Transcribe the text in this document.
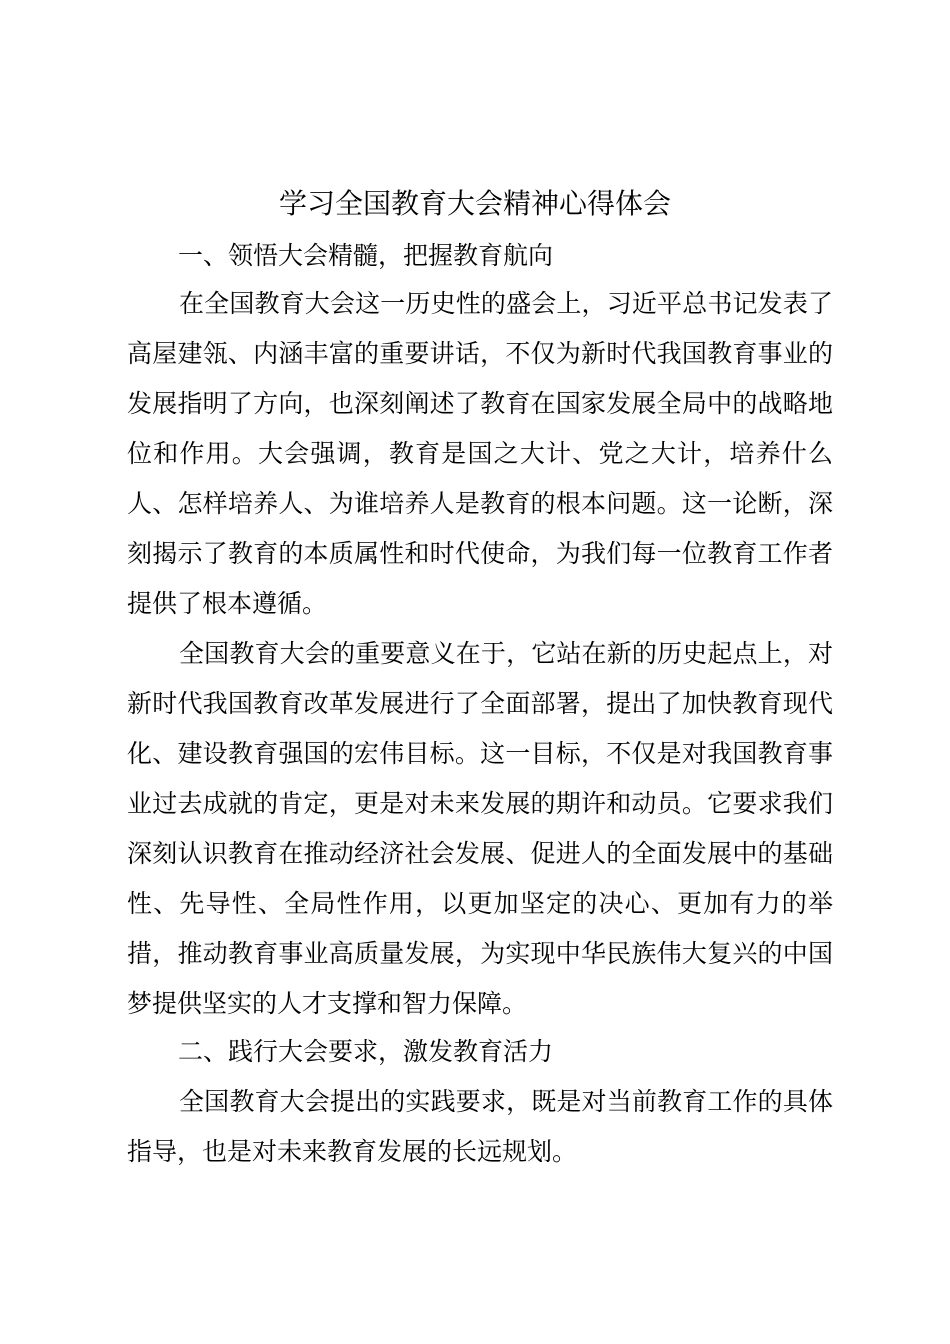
学习全国教育大会精神心得体会
一、领悟大会精髓，把握教育航向

在全国教育大会这一历史性的盛会上，习近平总书记发表了高屋建瓴、内涵丰富的重要讲话，不仅为新时代我国教育事业的发展指明了方向，也深刻阐述了教育在国家发展全局中的战略地位和作用。大会强调，教育是国之大计、党之大计，培养什么人、怎样培养人、为谁培养人是教育的根本问题。这一论断，深刻揭示了教育的本质属性和时代使命，为我们每一位教育工作者提供了根本遵循。

全国教育大会的重要意义在于，它站在新的历史起点上，对新时代我国教育改革发展进行了全面部署，提出了加快教育现代化、建设教育强国的宏伟目标。这一目标，不仅是对我国教育事业过去成就的肯定，更是对未来发展的期许和动员。它要求我们深刻认识教育在推动经济社会发展、促进人的全面发展中的基础性、先导性、全局性作用，以更加坚定的决心、更加有力的举措，推动教育事业高质量发展，为实现中华民族伟大复兴的中国梦提供坚实的人才支撑和智力保障。

二、践行大会要求，激发教育活力

全国教育大会提出的实践要求，既是对当前教育工作的具体指导，也是对未来教育发展的长远规划。
